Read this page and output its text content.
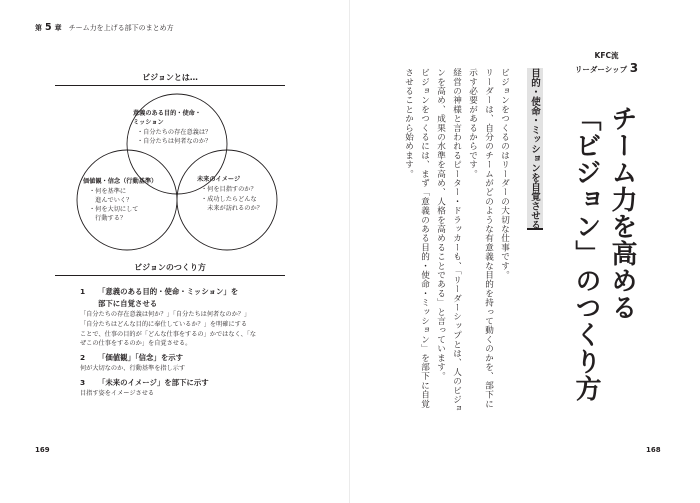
第 5 章 チーム力を上げる部下のまとめ方
ビジョンとは…
意義のある目的・使命・
ミッション
・自分たちの存在意義は？
・自分たちは何者なのか？
価値観・信念（行動基準）
・何を基準に
　進んでいく？
・何を大切にして
　行動する？
未来のイメージ
・何を目指すのか？
・成功したらどんな
　未来が訪れるのか？
ビジョンのつくり方
1 「意義のある目的・使命・ミッション」を
部下に自覚させる
「自分たちの存在意義は何か？」「自分たちは何者なのか？」
「自分たちはどんな目的に奉仕しているか？」を明確にする
ことで、仕事の目的が「どんな仕事をするの」かではなく、「な
ぜこの仕事をするのか」を自覚させる。
2 「価値観」「信念」を示す
何が大切なのか、行動基準を指し示す
3 「未来のイメージ」を部下に示す
目指す姿をイメージさせる
169
KFC流
リーダーシップ 3
チーム力を高める
「ビジョン」のつくり方
目的・使命・ミッションを自覚させる
ビジョンをつくるのはリーダーの大切な仕事です。
リーダーは、自分のチームがどのような有意義な目的を持って動くのかを、部下に
示す必要があるからです。
経営の神様と言われるピーター・ドラッカーも、「リーダーシップとは、人のビジョ
ンを高め、成果の水準を高め、人格を高めることである」と言っています。
ビジョンをつくるには、まず「意義のある目的・使命・ミッション」を部下に自覚
させることから始めます。
168
